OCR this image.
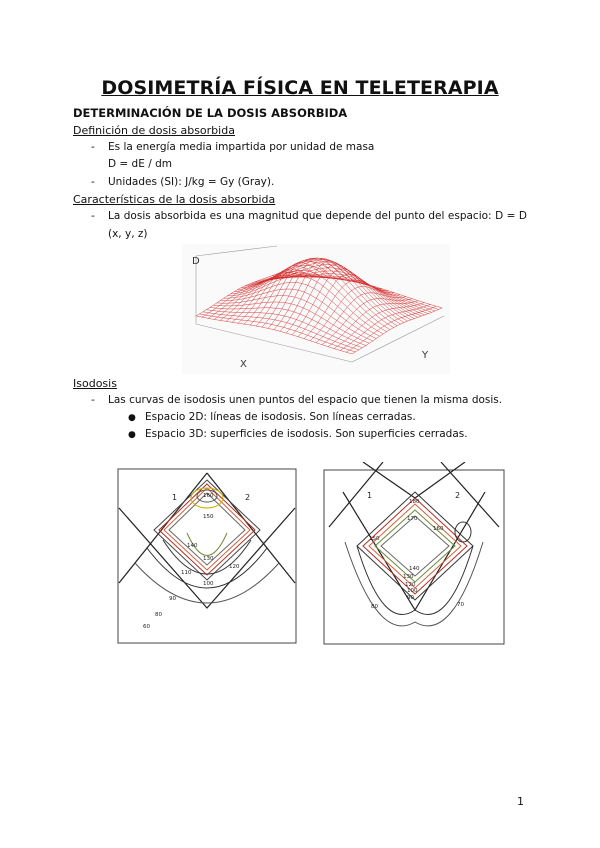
DOSIMETRÍA FÍSICA EN TELETERAPIA
DETERMINACIÓN DE LA DOSIS ABSORBIDA
Definición de dosis absorbida
- Es la energía media impartida por unidad de masa
D = dE / dm
- Unidades (SI): J/kg = Gy (Gray).
Características de la dosis absorbida
- La dosis absorbida es una magnitud que depende del punto del espacio: D = D
(x, y, z)
D
X
Y
Isodosis
- Las curvas de isodosis unen puntos del espacio que tienen la misma dosis.
● Espacio 2D: líneas de isodosis. Son líneas cerradas.
● Espacio 3D: superficies de isodosis. Son superficies cerradas.
160
150
140
130
120
110
100
90
80
60
1	2	180
170
160
150
140
130
120
100
90
80	70
1	2
1
